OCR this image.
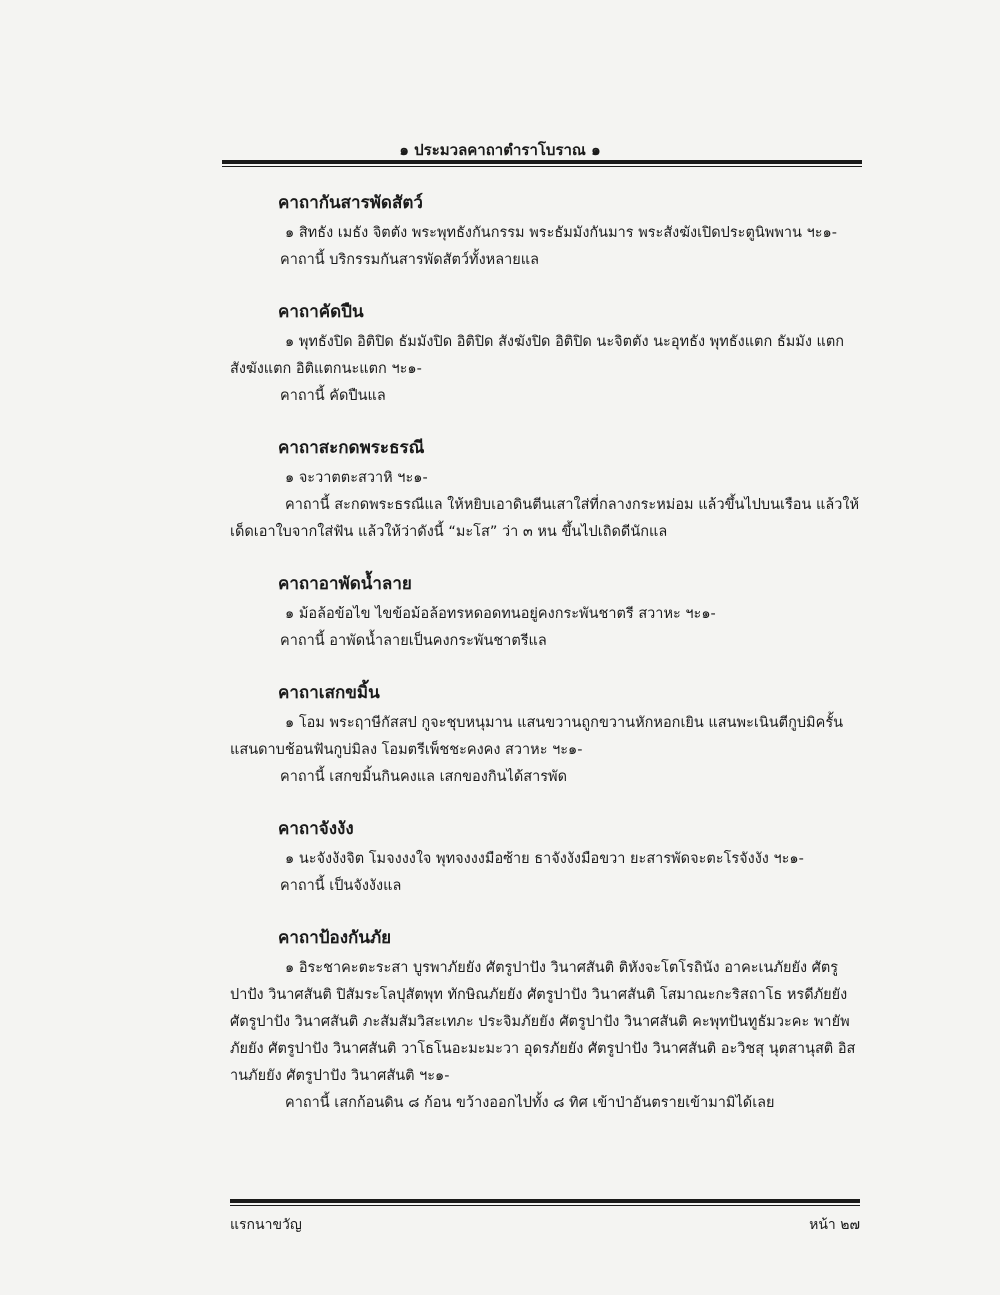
๑ ประมวลคาถาตำราโบราณ ๑
คาถากันสารพัดสัตว์

๑ สิทธัง เมธัง จิตตัง พระพุทธังกันกรรม พระธัมมังกันมาร พระสังฆังเปิดประตูนิพพาน ฯะ๑-

คาถานี้ บริกรรมกันสารพัดสัตว์ทั้งหลายแล

คาถาคัดปืน

๑ พุทธังปิด อิติปิด ธัมมังปิด อิติปิด สังฆังปิด อิติปิด นะจิตตัง นะอุทธัง พุทธังแตก ธัมมัง แตก สังฆังแตก อิติแตกนะแตก ฯะ๑-

คาถานี้ คัดปืนแล

คาถาสะกดพระธรณี

๑ จะวาตตะสวาหิ ฯะ๑-

คาถานี้ สะกดพระธรณีแล ให้หยิบเอาดินตีนเสาใส่ที่กลางกระหม่อม แล้วขึ้นไปบนเรือน แล้วให้เด็ดเอาใบจากใส่ฟัน แล้วให้ว่าดังนี้ “มะโส” ว่า ๓ หน ขึ้นไปเถิดดีนักแล

คาถาอาพัดน้ำลาย

๑ ม้อล้อข้อไข ไขข้อม้อล้อทรหดอดทนอยู่คงกระพันชาตรี สวาหะ ฯะ๑-

คาถานี้ อาพัดน้ำลายเป็นคงกระพันชาตรีแล

คาถาเสกขมิ้น

๑ โอม พระฤาษีกัสสป กูจะชุบหนุมาน แสนขวานถูกขวานหักหอกเยิน แสนพะเนินตีกูบ่มิครั้น แสนดาบช้อนฟันกูบ่มิลง โอมตรีเพ็ชชะคงคง สวาหะ ฯะ๑-

คาถานี้ เสกขมิ้นกินคงแล เสกของกินได้สารพัด

คาถาจังงัง

๑ นะจังงังจิต โมจงงงใจ พุทจงงงมือซ้าย ธาจังงังมือขวา ยะสารพัดจะตะโรจังงัง ฯะ๑-

คาถานี้ เป็นจังงังแล

คาถาป้องกันภัย

๑ อิระชาคะตะระสา บูรพาภัยยัง ศัตรูปาปัง วินาศสันติ ติหังจะโตโรถินัง อาคะเนภัยยัง ศัตรู ปาปัง วินาศสันติ ปิสัมระโลปุสัตพุท ทักษิณภัยยัง ศัตรูปาปัง วินาศสันติ โสมาณะกะริสถาโธ หรดีภัยยัง ศัตรูปาปัง วินาศสันติ ภะสัมสัมวิสะเทภะ ประจิมภัยยัง ศัตรูปาปัง วินาศสันติ คะพุทปันทูธัมวะคะ พายัพภัยยัง ศัตรูปาปัง วินาศสันติ วาโธโนอะมะมะวา อุดรภัยยัง ศัตรูปาปัง วินาศสันติ อะวิชสุ นุตสานุสติ อิสานภัยยัง ศัตรูปาปัง วินาศสันติ ฯะ๑-

คาถานี้ เสกก้อนดิน ๘ ก้อน ขว้างออกไปทั้ง ๘ ทิศ เข้าป่าอันตรายเข้ามามิได้เลย

แรกนาขวัญ	หน้า ๒๗
